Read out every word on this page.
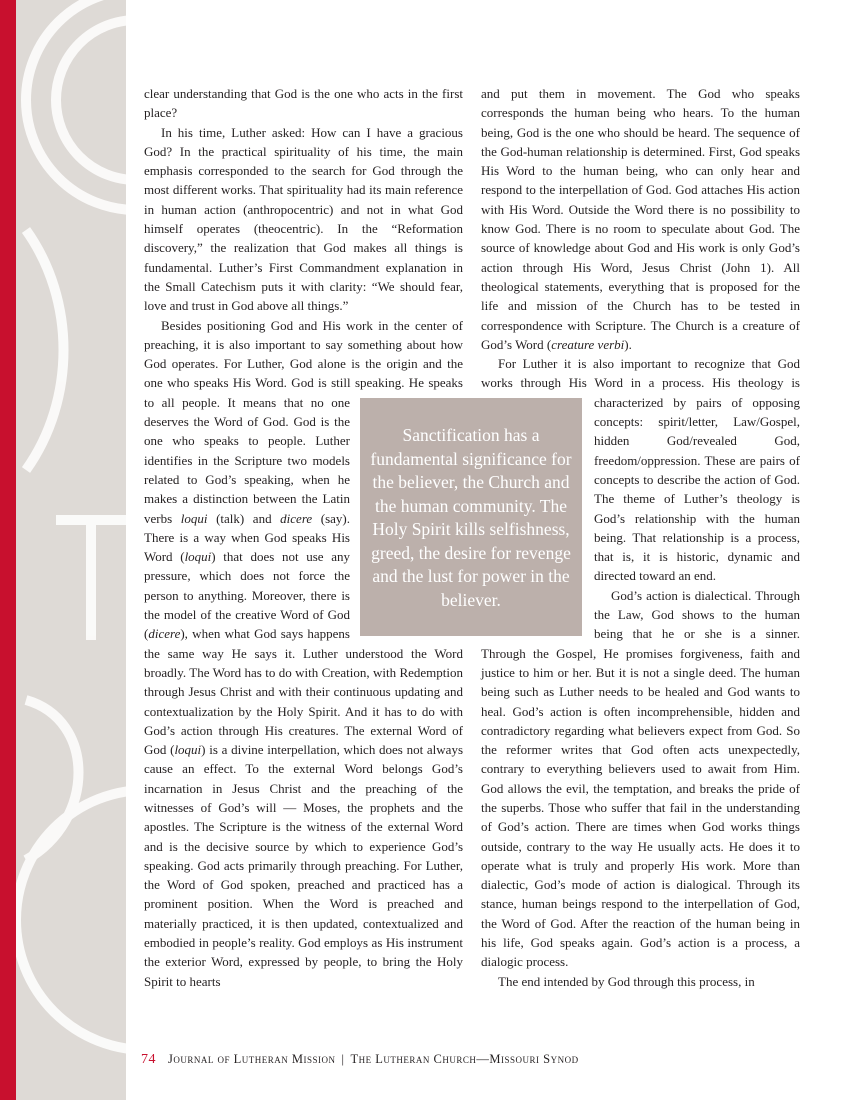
clear understanding that God is the one who acts in the first place?

In his time, Luther asked: How can I have a gracious God? In the practical spirituality of his time, the main emphasis corresponded to the search for God through the most different works. That spirituality had its main reference in human action (anthropocentric) and not in what God himself operates (theocentric). In the “Reformation discovery,” the realization that God makes all things is fundamental. Luther’s First Commandment explanation in the Small Catechism puts it with clarity: “We should fear, love and trust in God above all things.”

Besides positioning God and His work in the center of preaching, it is also important to say something about how God operates. For Luther, God alone is the origin and the one who speaks His Word. God is still speaking. He speaks to all people. It means that no one deserves the Word of God. God is the one who speaks to people. Luther identifies in the Scripture two models related to God’s speaking, when he makes a distinction between the Latin verbs loqui (talk) and dicere (say). There is a way when God speaks His Word (loqui) that does not use any pressure, which does not force the person to anything. Moreover, there is the model of the creative Word of God (dicere), when what God says happens the same way He says it. Luther understood the Word broadly. The Word has to do with Creation, with Redemption through Jesus Christ and with their continuous updating and contextualization by the Holy Spirit. And it has to do with God’s action through His creatures. The external Word of God (loqui) is a divine interpellation, which does not always cause an effect. To the external Word belongs God’s incarnation in Jesus Christ and the preaching of the witnesses of God’s will — Moses, the prophets and the apostles. The Scripture is the witness of the external Word and is the decisive source by which to experience God’s speaking. God acts primarily through preaching. For Luther, the Word of God spoken, preached and practiced has a prominent position. When the Word is preached and materially practiced, it is then updated, contextualized and embodied in people’s reality. God employs as His instrument the exterior Word, expressed by people, to bring the Holy Spirit to hearts

and put them in movement. The God who speaks corresponds the human being who hears. To the human being, God is the one who should be heard. The sequence of the God-human relationship is determined. First, God speaks His Word to the human being, who can only hear and respond to the interpellation of God. God attaches His action with His Word. Outside the Word there is no possibility to know God. There is no room to speculate about God. The source of knowledge about God and His work is only God’s action through His Word, Jesus Christ (John 1). All theological statements, everything that is proposed for the life and mission of the Church has to be tested in correspondence with Scripture. The Church is a creature of God’s Word (creature verbi).

For Luther it is also important to recognize that God works through His Word in a process. His theology is characterized by pairs of opposing concepts: spirit/letter, Law/Gospel, hidden God/revealed God, freedom/oppression. These are pairs of concepts to describe the action of God. The theme of Luther’s theology is God’s relationship with the human being. That relationship is a process, that is, it is historic, dynamic and directed toward an end.

God’s action is dialectical. Through the Law, God shows to the human being that he or she is a sinner. Through the Gospel, He promises forgiveness, faith and justice to him or her. But it is not a single deed. The human being such as Luther needs to be healed and God wants to heal. God’s action is often incomprehensible, hidden and contradictory regarding what believers expect from God. So the reformer writes that God often acts unexpectedly, contrary to everything believers used to await from Him. God allows the evil, the temptation, and breaks the pride of the superbs. Those who suffer that fail in the understanding of God’s action. There are times when God works things outside, contrary to the way He usually acts. He does it to operate what is truly and properly His work. More than dialectic, God’s mode of action is dialogical. Through its stance, human beings respond to the interpellation of God, the Word of God. After the reaction of the human being in his life, God speaks again. God’s action is a process, a dialogic process.

The end intended by God through this process, in

Sanctification has a fundamental significance for the believer, the Church and the human community. The Holy Spirit kills selfishness, greed, the desire for revenge and the lust for power in the believer.
74 Journal of Lutheran Mission | The Lutheran Church—Missouri Synod
